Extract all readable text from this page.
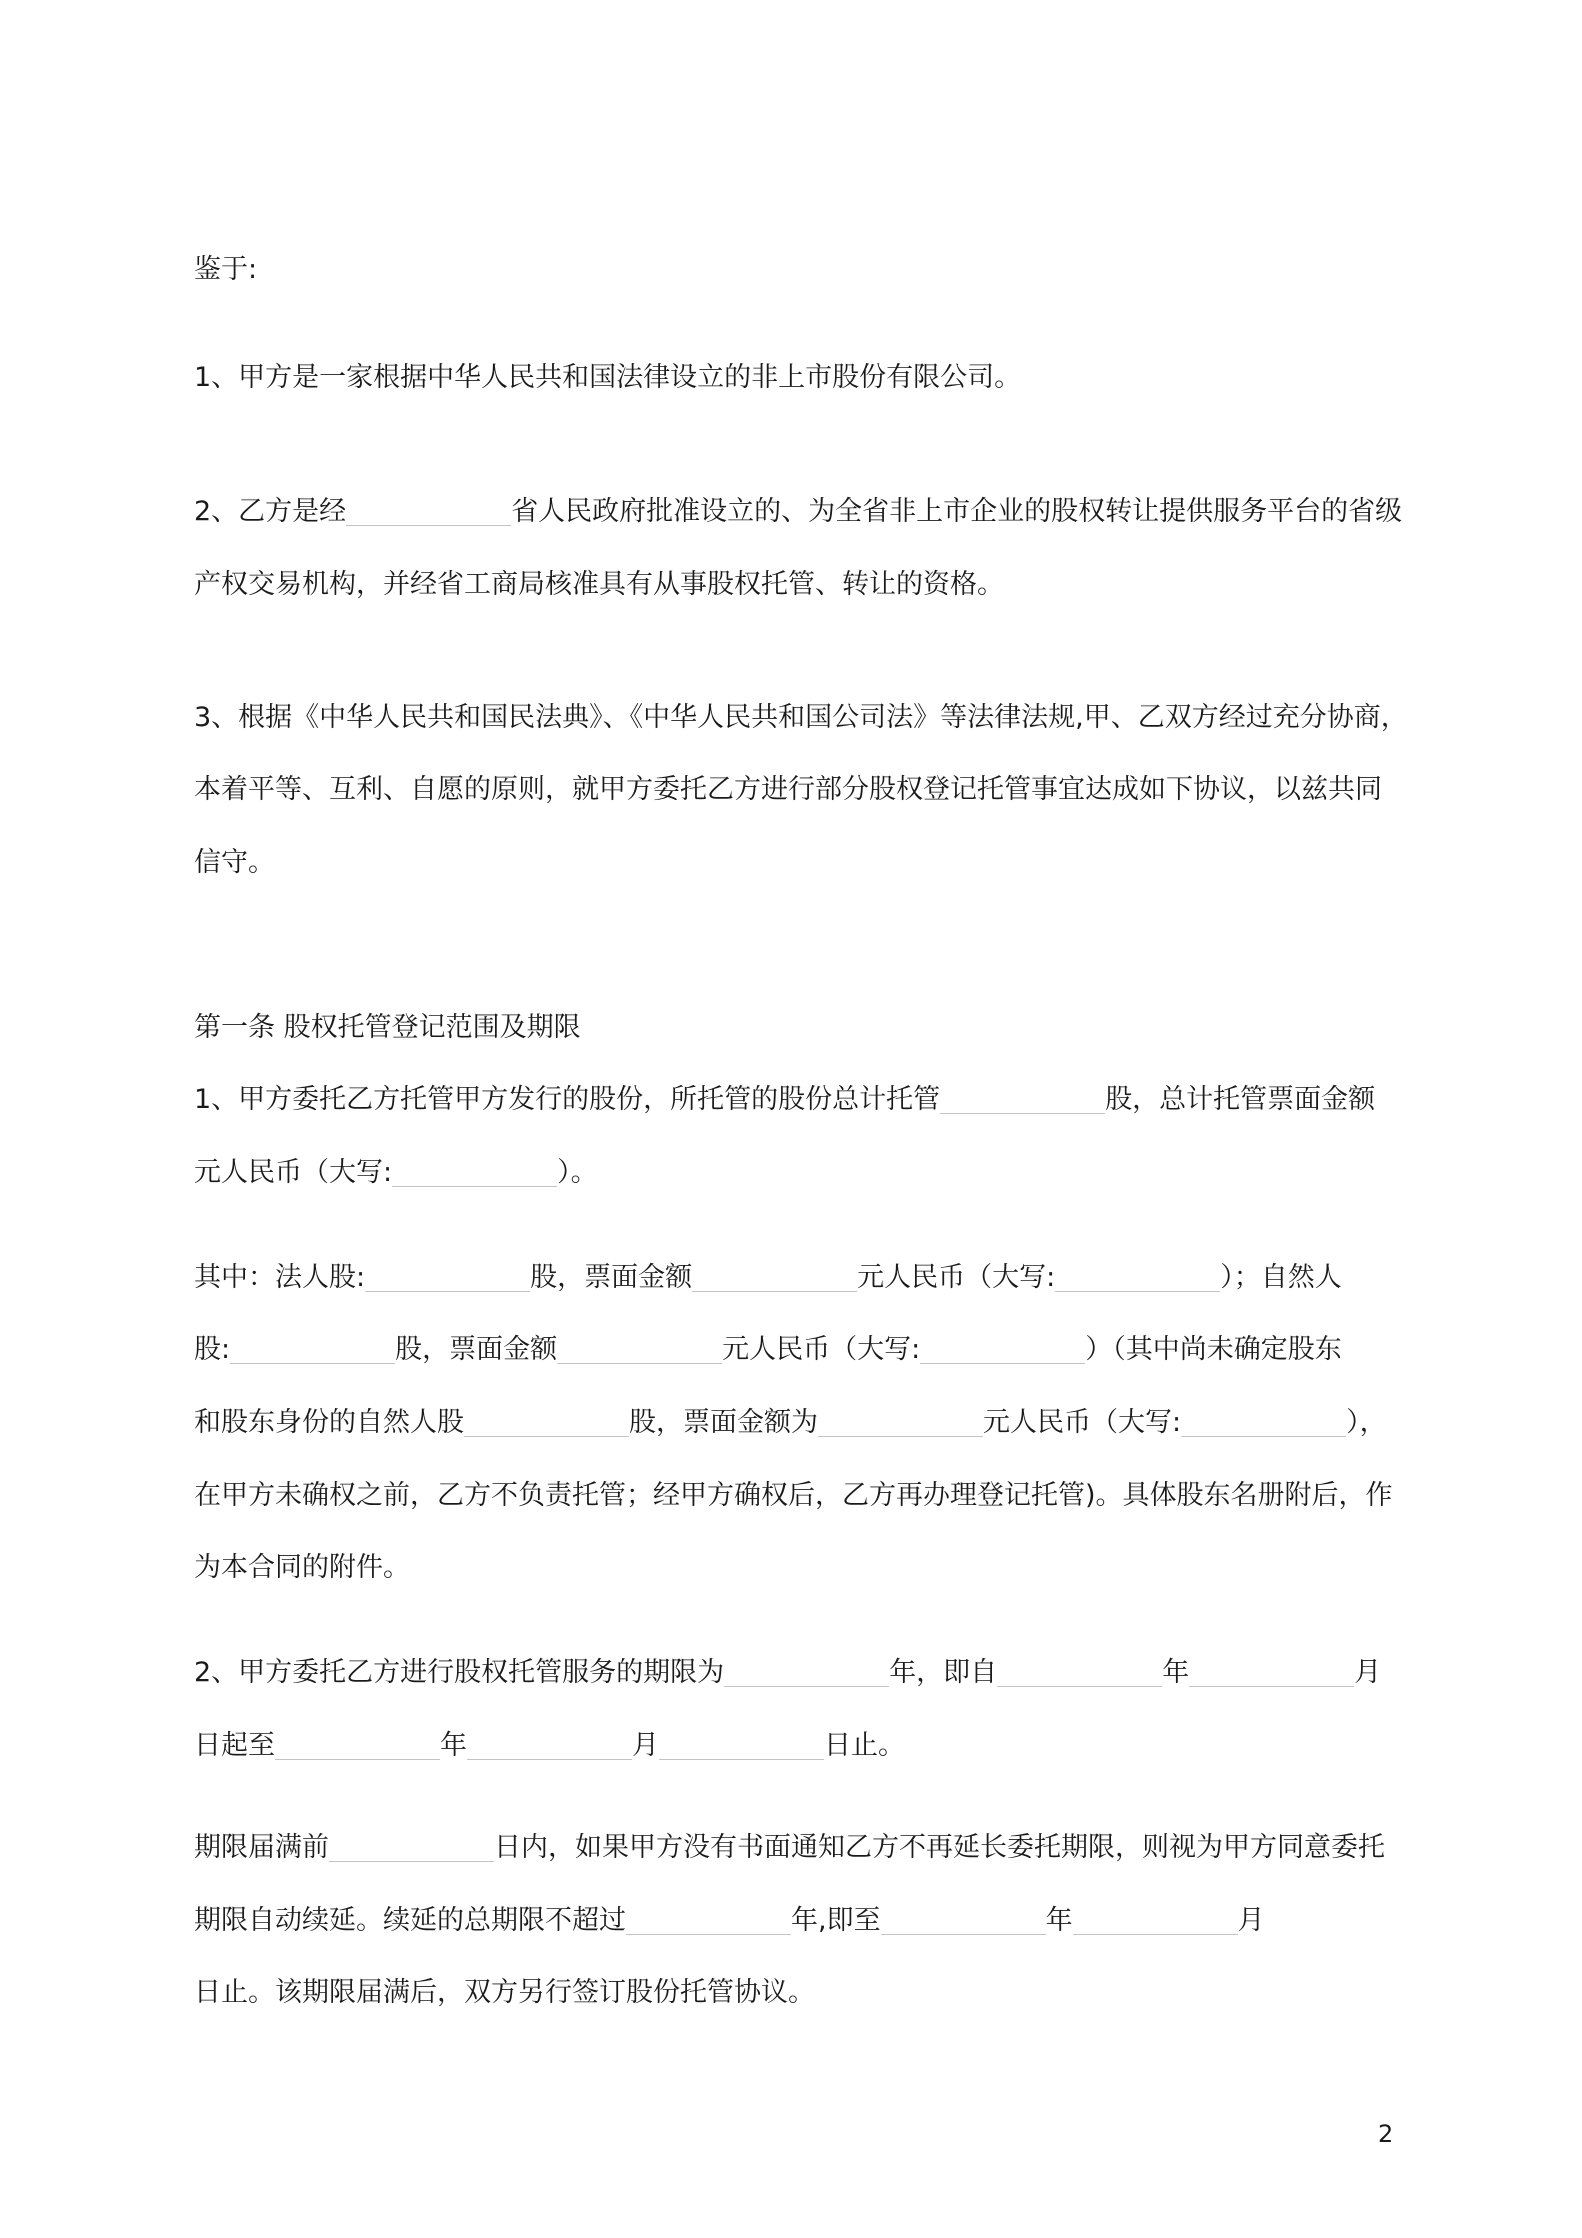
鉴于:
1、甲方是一家根据中华人民共和国法律设立的非上市股份有限公司。
2、乙方是经	省人民政府批准设立的、为全省非上市企业的股权转让提供服务平台的省级
产权交易机构，并经省工商局核准具有从事股权托管、转让的资格。
3、根据《中华人民共和国民法典》、《中华人民共和国公司法》等法律法规,甲、乙双方经过充分协商，
本着平等、互利、自愿的原则，就甲方委托乙方进行部分股权登记托管事宜达成如下协议，以兹共同
信守。
第一条 股权托管登记范围及期限
1、甲方委托乙方托管甲方发行的股份，所托管的股份总计托管	股，总计托管票面金额
元人民币（大写:	）。
其中：法人股:	股，票面金额	元人民币（大写:	）；自然人
股:	股，票面金额	元人民币（大写:	）（其中尚未确定股东
和股东身份的自然人股	股，票面金额为	元人民币（大写:	），
在甲方未确权之前，乙方不负责托管；经甲方确权后，乙方再办理登记托管)。具体股东名册附后，作
为本合同的附件。
2、甲方委托乙方进行股权托管服务的期限为	年，即自	年	月
日起至	年	月	日止。
期限届满前	日内，如果甲方没有书面通知乙方不再延长委托期限，则视为甲方同意委托
期限自动续延。续延的总期限不超过	年,即至	年	月
日止。该期限届满后，双方另行签订股份托管协议。
2
